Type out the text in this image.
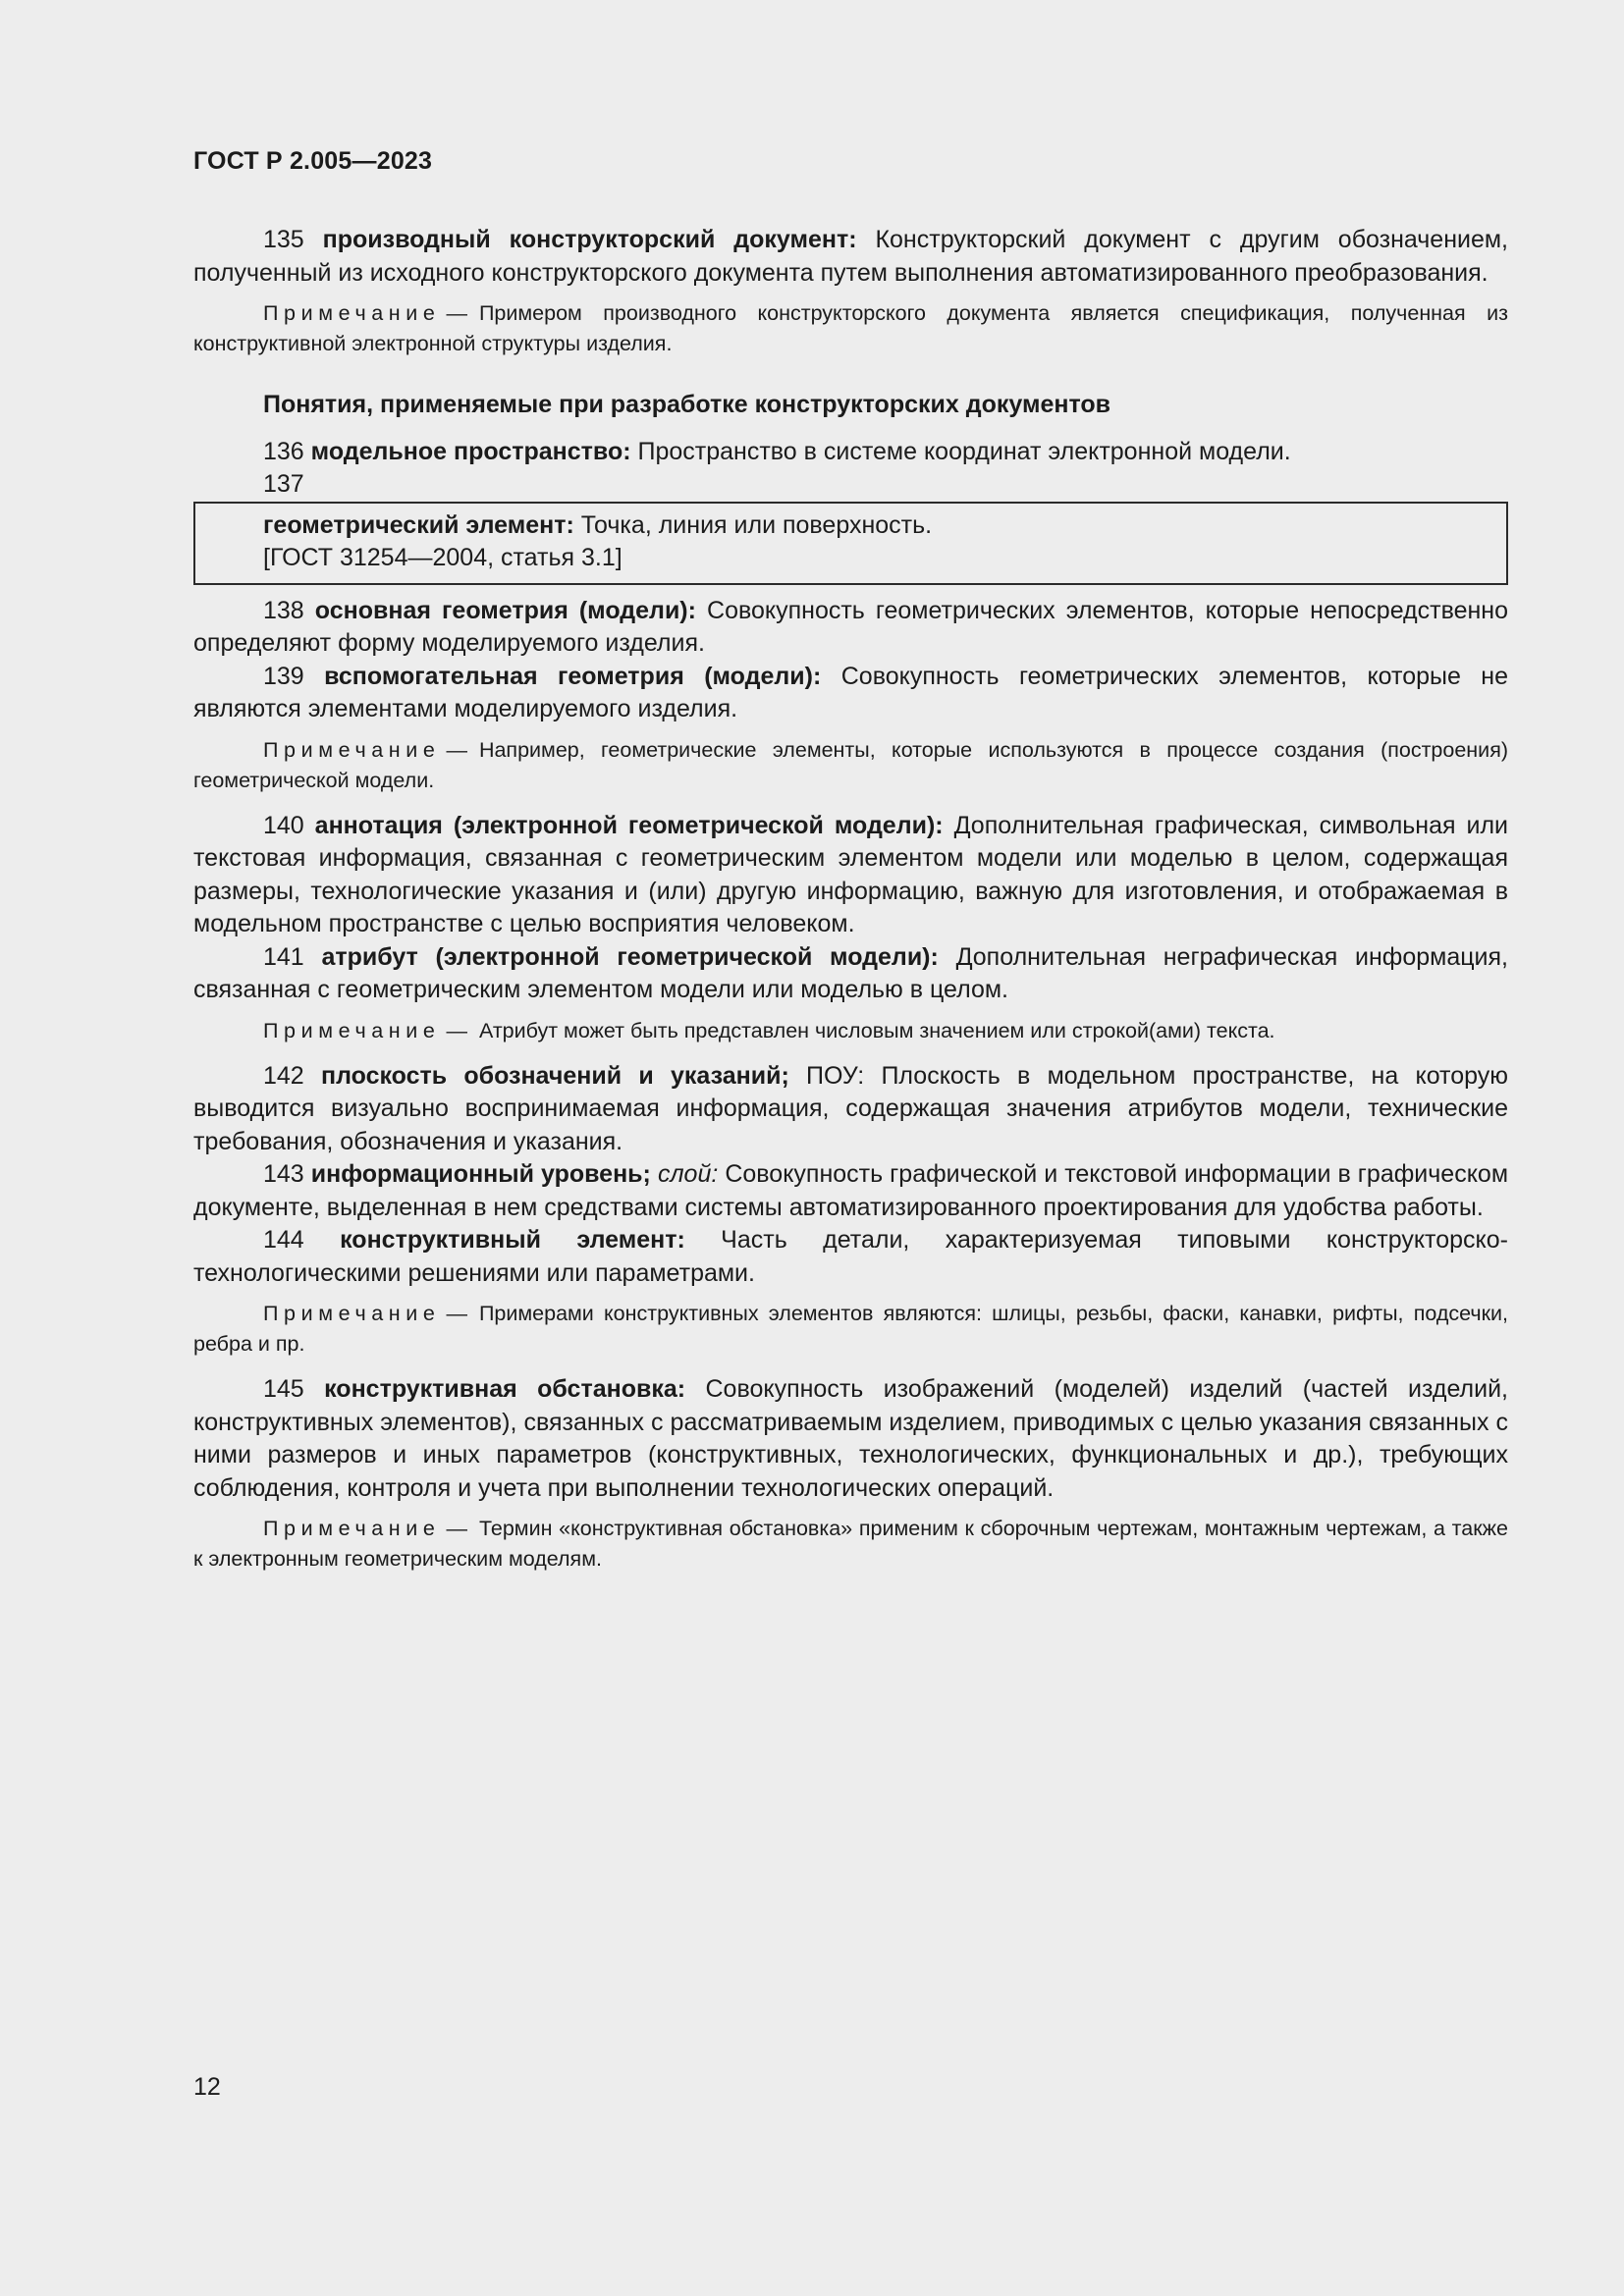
ГОСТ Р 2.005—2023

135 производный конструкторский документ: Конструкторский документ с другим обозначением, полученный из исходного конструкторского документа путем выполнения автоматизированного преобразования.

Примечание — Примером производного конструкторского документа является спецификация, полученная из конструктивной электронной структуры изделия.

Понятия, применяемые при разработке конструкторских документов

136 модельное пространство: Пространство в системе координат электронной модели.

137

геометрический элемент: Точка, линия или поверхность.

[ГОСТ 31254—2004, статья 3.1]

138 основная геометрия (модели): Совокупность геометрических элементов, которые непосредственно определяют форму моделируемого изделия.

139 вспомогательная геометрия (модели): Совокупность геометрических элементов, которые не являются элементами моделируемого изделия.

Примечание — Например, геометрические элементы, которые используются в процессе создания (построения) геометрической модели.

140 аннотация (электронной геометрической модели): Дополнительная графическая, символьная или текстовая информация, связанная с геометрическим элементом модели или моделью в целом, содержащая размеры, технологические указания и (или) другую информацию, важную для изготовления, и отображаемая в модельном пространстве с целью восприятия человеком.

141 атрибут (электронной геометрической модели): Дополнительная неграфическая информация, связанная с геометрическим элементом модели или моделью в целом.

Примечание — Атрибут может быть представлен числовым значением или строкой(ами) текста.

142 плоскость обозначений и указаний; ПОУ: Плоскость в модельном пространстве, на которую выводится визуально воспринимаемая информация, содержащая значения атрибутов модели, технические требования, обозначения и указания.

143 информационный уровень; слой: Совокупность графической и текстовой информации в графическом документе, выделенная в нем средствами системы автоматизированного проектирования для удобства работы.

144 конструктивный элемент: Часть детали, характеризуемая типовыми конструкторско-технологическими решениями или параметрами.

Примечание — Примерами конструктивных элементов являются: шлицы, резьбы, фаски, канавки, рифты, подсечки, ребра и пр.

145 конструктивная обстановка: Совокупность изображений (моделей) изделий (частей изделий, конструктивных элементов), связанных с рассматриваемым изделием, приводимых с целью указания связанных с ними размеров и иных параметров (конструктивных, технологических, функциональных и др.), требующих соблюдения, контроля и учета при выполнении технологических операций.

Примечание — Термин «конструктивная обстановка» применим к сборочным чертежам, монтажным чертежам, а также к электронным геометрическим моделям.

12
